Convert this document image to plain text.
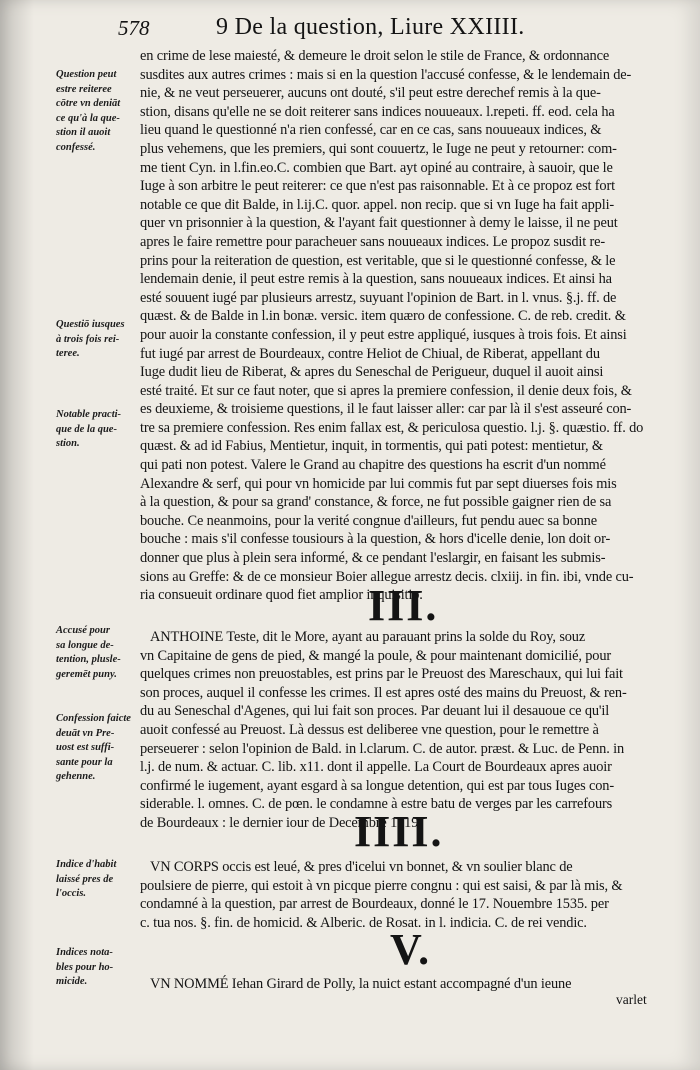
578	9 De la question, Liure XXIIII.
Question peut
estre reiteree
cōtre vn deniāt
ce qu'à la que-
stion il auoit
confessé.
Questiō iusques
à trois fois rei-
teree.
Notable practi-
que de la que-
stion.
Accusé pour
sa longue de-
tention, plusle-
geremēt puny.
Confession faicte
deuāt vn Pre-
uost est suffi-
sante pour la
gehenne.
Indice d'habit
laissé pres de
l'occis.
Indices nota-
bles pour ho-
micide.
en crime de lese maiesté, & demeure le droit selon le stile de France, & ordonnance
susdites aux autres crimes : mais si en la question l'accusé confesse, & le lendemain de-
nie, & ne veut perseuerer, aucuns ont douté, s'il peut estre derechef remis à la que-
stion, disans qu'elle ne se doit reiterer sans indices nouueaux. l.repeti. ff. eod. cela ha
lieu quand le questionné n'a rien confessé, car en ce cas, sans nouueaux indices, &
plus vehemens, que les premiers, qui sont couuertz, le Iuge ne peut y retourner: com-
me tient Cyn. in l.fin.eo.C. combien que Bart. ayt opiné au contraire, à sauoir, que le
Iuge à son arbitre le peut reiterer: ce que n'est pas raisonnable. Et à ce propoz est fort
notable ce que dit Balde, in l.ij.C. quor. appel. non recip. que si vn Iuge ha fait appli-
quer vn prisonnier à la question, & l'ayant fait questionner à demy le laisse, il ne peut
apres le faire remettre pour paracheuer sans nouueaux indices. Le propoz susdit re-
prins pour la reiteration de question, est veritable, que si le questionné confesse, & le
lendemain denie, il peut estre remis à la question, sans nouueaux indices. Et ainsi ha
esté souuent iugé par plusieurs arrestz, suyuant l'opinion de Bart. in l. vnus. §.j. ff. de
quæst. & de Balde in l.in bonæ. versic. item quæro de confessione. C. de reb. credit. &
pour auoir la constante confession, il y peut estre appliqué, iusques à trois fois. Et ainsi
fut iugé par arrest de Bourdeaux, contre Heliot de Chiual, de Riberat, appellant du
Iuge dudit lieu de Riberat, & apres du Seneschal de Perigueur, duquel il auoit ainsi
esté traité. Et sur ce faut noter, que si apres la premiere confession, il denie deux fois, &
es deuxieme, & troisieme questions, il le faut laisser aller: car par là il s'est asseuré con-
tre sa premiere confession. Res enim fallax est, & periculosa questio. l.j. §. quæstio. ff. do
quæst. & ad id Fabius, Mentietur, inquit, in tormentis, qui pati potest: mentietur, &
qui pati non potest. Valere le Grand au chapitre des questions ha escrit d'un nommé
Alexandre & serf, qui pour vn homicide par lui commis fut par sept diuerses fois mis
à la question, & pour sa grand' constance, & force, ne fut possible gaigner rien de sa
bouche. Ce neanmoins, pour la verité congnue d'ailleurs, fut pendu auec sa bonne
bouche : mais s'il confesse tousiours à la question, & hors d'icelle denie, lon doit or-
donner que plus à plein sera informé, & ce pendant l'eslargir, en faisant les submis-
sions au Greffe: & de ce monsieur Boier allegue arrestz decis. clxiij. in fin. ibi, vnde cu-
ria consueuit ordinare quod fiet amplior inquisitio.
III.
ANTHOINE Teste, dit le More, ayant au parauant prins la solde du Roy, souz
vn Capitaine de gens de pied, & mangé la poule, & pour maintenant domicilié, pour
quelques crimes non preuostables, est prins par le Preuost des Mareschaux, qui lui fait
son proces, auquel il confesse les crimes. Il est apres osté des mains du Preuost, & ren-
du au Seneschal d'Agenes, qui lui fait son proces. Par deuant lui il desauoue ce qu'il
auoit confessé au Preuost. Là dessus est deliberee vne question, pour le remettre à
perseuerer : selon l'opinion de Bald. in l.clarum. C. de autor. præst. & Luc. de Penn. in
l.j. de num. & actuar. C. lib. x11. dont il appelle. La Court de Bourdeaux apres auoir
confirmé le iugement, ayant esgard à sa longue detention, qui est par tous Iuges con-
siderable. l. omnes. C. de pœn. le condamne à estre batu de verges par les carrefours
de Bourdeaux : le dernier iour de Decembre 1519.
IIII.
VN CORPS occis est leué, & pres d'icelui vn bonnet, & vn soulier blanc de
poulsiere de pierre, qui estoit à vn picque pierre congnu : qui est saisi, & par là mis, &
condamné à la question, par arrest de Bourdeaux, donné le 17. Nouembre 1535. per
c. tua nos. §. fin. de homicid. & Alberic. de Rosat. in l. indicia. C. de rei vendic.
V.
VN NOMMÉ Iehan Girard de Polly, la nuict estant accompagné d'un ieune
varlet
